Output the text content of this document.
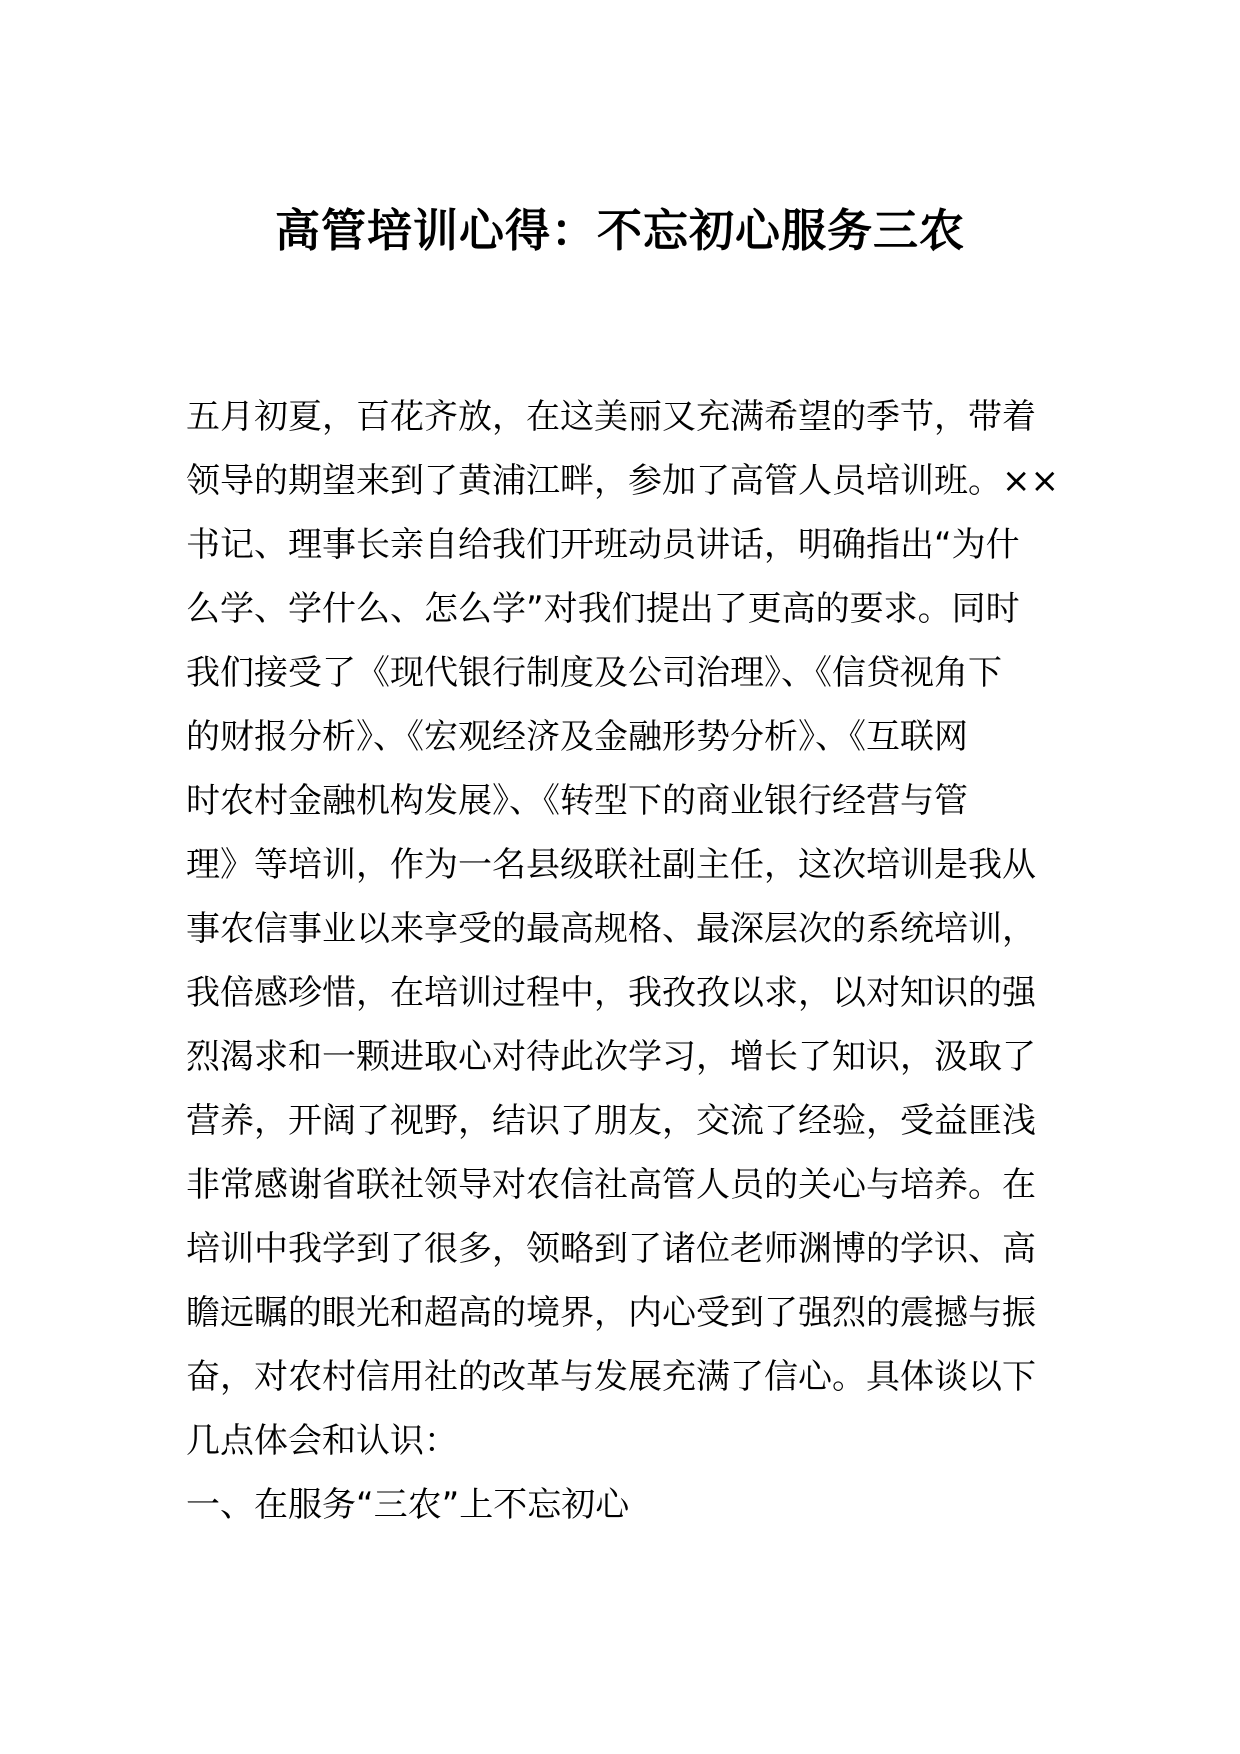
高管培训心得：不忘初心服务三农
五月初夏，百花齐放，在这美丽又充满希望的季节，带着
领导的期望来到了黄浦江畔，参加了高管人员培训班。××
书记、理事长亲自给我们开班动员讲话，明确指出“为什
么学、学什么、怎么学”对我们提出了更高的要求。同时
我们接受了《现代银行制度及公司治理》、《信贷视角下
的财报分析》、《宏观经济及金融形势分析》、《互联网
时农村金融机构发展》、《转型下的商业银行经营与管
理》等培训，作为一名县级联社副主任，这次培训是我从
事农信事业以来享受的最高规格、最深层次的系统培训，
我倍感珍惜，在培训过程中，我孜孜以求，以对知识的强
烈渴求和一颗进取心对待此次学习，增长了知识，汲取了
营养，开阔了视野，结识了朋友，交流了经验，受益匪浅
非常感谢省联社领导对农信社高管人员的关心与培养。在
培训中我学到了很多，领略到了诸位老师渊博的学识、高
瞻远瞩的眼光和超高的境界，内心受到了强烈的震撼与振
奋，对农村信用社的改革与发展充满了信心。具体谈以下
几点体会和认识：
一、在服务“三农”上不忘初心
